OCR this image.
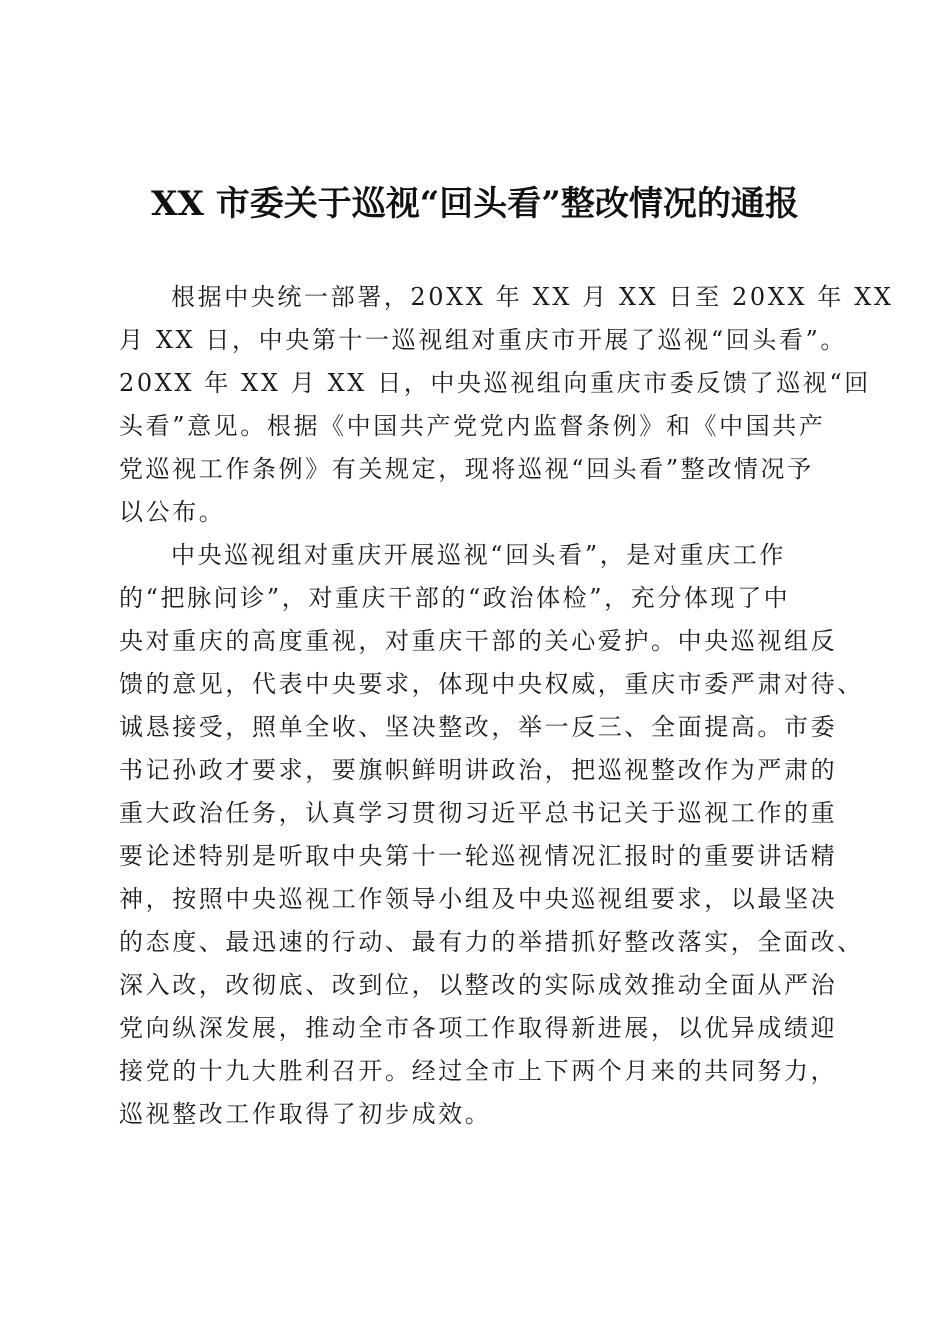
XX 市委关于巡视“回头看”整改情况的通报
根据中央统一部署，20XX 年 XX 月 XX 日至 20XX 年 XX
月 XX 日，中央第十一巡视组对重庆市开展了巡视“回头看”。
20XX 年 XX 月 XX 日，中央巡视组向重庆市委反馈了巡视“回
头看”意见。根据《中国共产党党内监督条例》和《中国共产
党巡视工作条例》有关规定，现将巡视“回头看”整改情况予
以公布。
中央巡视组对重庆开展巡视“回头看”，是对重庆工作
的“把脉问诊”，对重庆干部的“政治体检”，充分体现了中
央对重庆的高度重视，对重庆干部的关心爱护。中央巡视组反
馈的意见，代表中央要求，体现中央权威，重庆市委严肃对待、
诚恳接受，照单全收、坚决整改，举一反三、全面提高。市委
书记孙政才要求，要旗帜鲜明讲政治，把巡视整改作为严肃的
重大政治任务，认真学习贯彻习近平总书记关于巡视工作的重
要论述特别是听取中央第十一轮巡视情况汇报时的重要讲话精
神，按照中央巡视工作领导小组及中央巡视组要求，以最坚决
的态度、最迅速的行动、最有力的举措抓好整改落实，全面改、
深入改，改彻底、改到位，以整改的实际成效推动全面从严治
党向纵深发展，推动全市各项工作取得新进展，以优异成绩迎
接党的十九大胜利召开。经过全市上下两个月来的共同努力，
巡视整改工作取得了初步成效。
